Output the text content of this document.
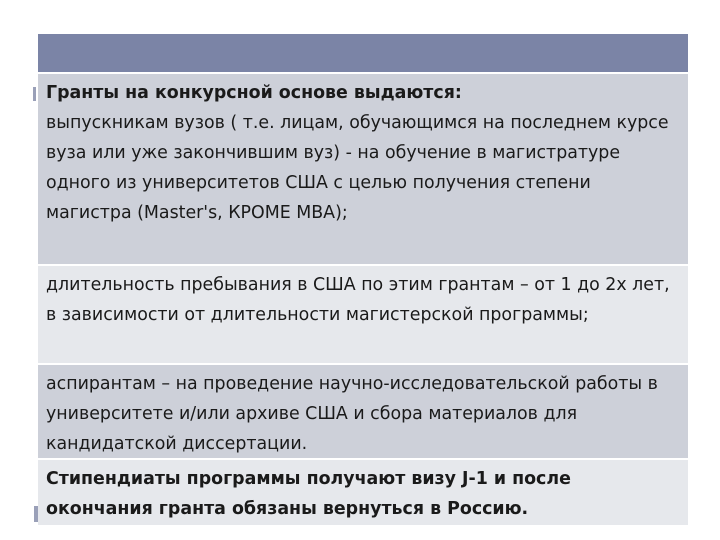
Гранты на конкурсной основе выдаются:

выпускникам вузов ( т.е. лицам, обучающимся на последнем курсе вуза или уже закончившим вуз) - на обучение в магистратуре одного из университетов США с целью получения степени магистра (Master's, КРОМЕ МВА);

длительность пребывания в США по этим грантам – от 1 до 2х лет, в зависимости от длительности магистерской программы;

аспирантам – на проведение научно-исследовательской работы в университете и/или архиве США и сбора материалов для кандидатской диссертации.

Стипендиаты программы получают визу J-1 и после окончания гранта обязаны вернуться в Россию.
